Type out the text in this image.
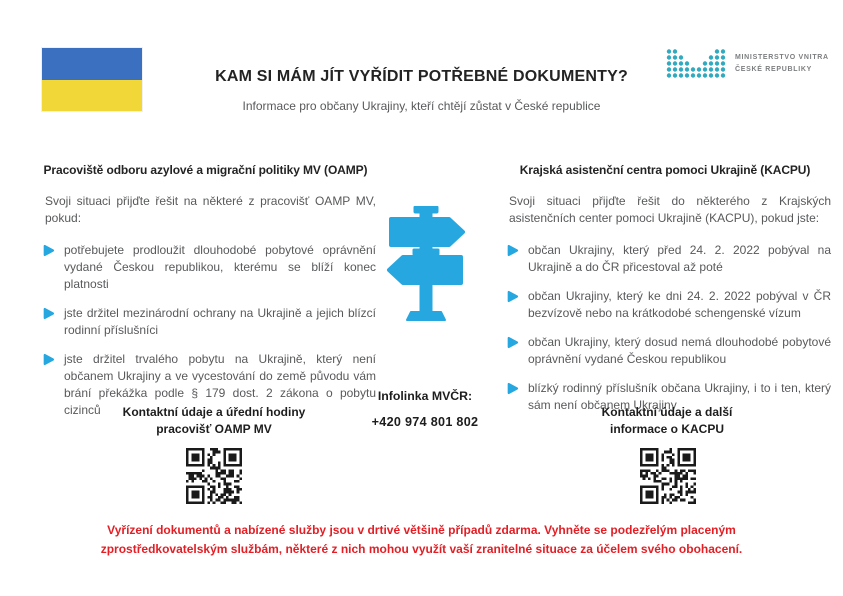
KAM SI MÁM JÍT VYŘÍDIT POTŘEBNÉ DOKUMENTY?
Informace pro občany Ukrajiny, kteří chtějí zůstat v České republice
MINISTERSTVO VNITRA
ČESKÉ REPUBLIKY
Pracoviště odboru azylové a migrační politiky MV (OAMP)

Svoji situaci přijďte řešit na některé z pracovišť OAMP MV, pokud:

potřebujete prodloužit dlouhodobé pobytové oprávnění vydané Českou republikou, kterému se blíží konec platnosti
jste držitel mezinárodní ochrany na Ukrajině a jejich blízcí rodinní příslušníci
jste držitel trvalého pobytu na Ukrajině, který není občanem Ukrajiny a ve vycestování do země původu vám brání překážka podle § 179 dost. 2 zákona o pobytu cizinců
Krajská asistenční centra pomoci Ukrajině (KACPU)

Svoji situaci přijďte řešit do některého z Krajských asistenčních center pomoci Ukrajině (KACPU), pokud jste:

občan Ukrajiny, který před 24. 2. 2022 pobýval na Ukrajině a do ČR přicestoval až poté
občan Ukrajiny, který ke dni 24. 2. 2022 pobýval v ČR bezvízově nebo na krátkodobé schengenské vízum
občan Ukrajiny, který dosud nemá dlouhodobé pobytové oprávnění vydané Českou republikou
blízký rodinný příslušník občana Ukrajiny, i to i ten, který sám není občanem Ukrajiny
Infolinka MVČR:
+420 974 801 802
Kontaktní údaje a úřední hodiny
pracovišť OAMP MV
Kontaktní údaje a další
informace o KACPU
Vyřízení dokumentů a nabízené služby jsou v drtivé většině případů zdarma. Vyhněte se podezřelým placeným zprostředkovatelským službám, některé z nich mohou využít vaší zranitelné situace za účelem svého obohacení.
